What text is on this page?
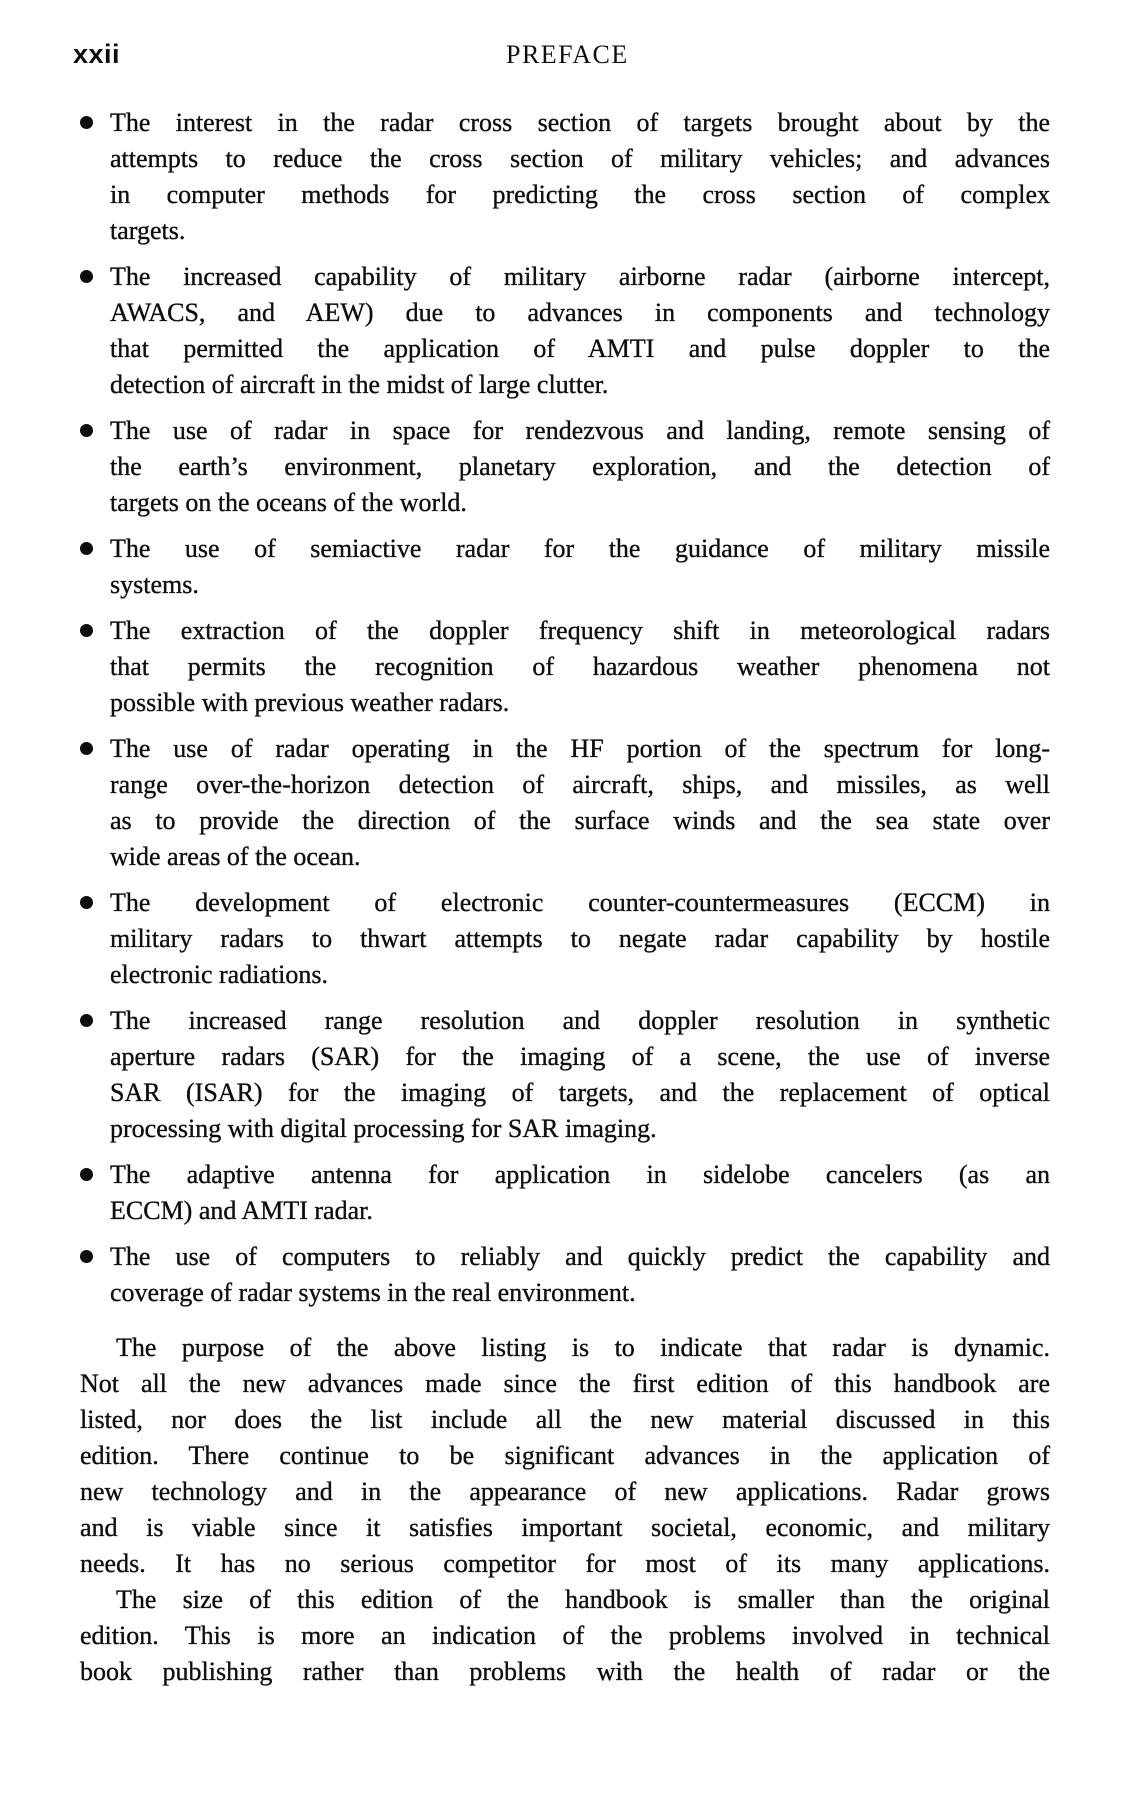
xxii	PREFACE
The interest in the radar cross section of targets brought about by the
attempts to reduce the cross section of military vehicles; and advances
in computer methods for predicting the cross section of complex
targets.
The increased capability of military airborne radar (airborne intercept,
AWACS, and AEW) due to advances in components and technology
that permitted the application of AMTI and pulse doppler to the
detection of aircraft in the midst of large clutter.
The use of radar in space for rendezvous and landing, remote sensing of
the earth’s environment, planetary exploration, and the detection of
targets on the oceans of the world.
The use of semiactive radar for the guidance of military missile
systems.
The extraction of the doppler frequency shift in meteorological radars
that permits the recognition of hazardous weather phenomena not
possible with previous weather radars.
The use of radar operating in the HF portion of the spectrum for long-
range over-the-horizon detection of aircraft, ships, and missiles, as well
as to provide the direction of the surface winds and the sea state over
wide areas of the ocean.
The development of electronic counter-countermeasures (ECCM) in
military radars to thwart attempts to negate radar capability by hostile
electronic radiations.
The increased range resolution and doppler resolution in synthetic
aperture radars (SAR) for the imaging of a scene, the use of inverse
SAR (ISAR) for the imaging of targets, and the replacement of optical
processing with digital processing for SAR imaging.
The adaptive antenna for application in sidelobe cancelers (as an
ECCM) and AMTI radar.
The use of computers to reliably and quickly predict the capability and
coverage of radar systems in the real environment.
The purpose of the above listing is to indicate that radar is dynamic.
Not all the new advances made since the first edition of this handbook are
listed, nor does the list include all the new material discussed in this
edition. There continue to be significant advances in the application of
new technology and in the appearance of new applications. Radar grows
and is viable since it satisfies important societal, economic, and military
needs. It has no serious competitor for most of its many applications.
The size of this edition of the handbook is smaller than the original
edition. This is more an indication of the problems involved in technical
book publishing rather than problems with the health of radar or the
